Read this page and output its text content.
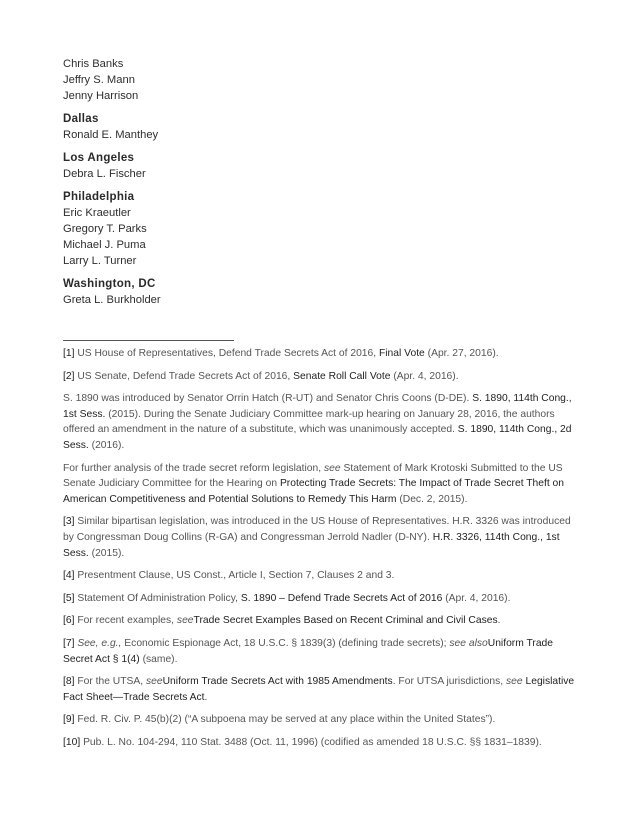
Chris Banks
Jeffry S. Mann
Jenny Harrison
Dallas
Ronald E. Manthey
Los Angeles
Debra L. Fischer
Philadelphia
Eric Kraeutler
Gregory T. Parks
Michael J. Puma
Larry L. Turner
Washington, DC
Greta L. Burkholder

[1] US House of Representatives, Defend Trade Secrets Act of 2016, Final Vote (Apr. 27, 2016).

[2] US Senate, Defend Trade Secrets Act of 2016, Senate Roll Call Vote (Apr. 4, 2016).

S. 1890 was introduced by Senator Orrin Hatch (R-UT) and Senator Chris Coons (D-DE). S. 1890, 114th Cong., 1st Sess. (2015). During the Senate Judiciary Committee mark-up hearing on January 28, 2016, the authors offered an amendment in the nature of a substitute, which was unanimously accepted. S. 1890, 114th Cong., 2d Sess. (2016).

For further analysis of the trade secret reform legislation, see Statement of Mark Krotoski Submitted to the US Senate Judiciary Committee for the Hearing on Protecting Trade Secrets: The Impact of Trade Secret Theft on American Competitiveness and Potential Solutions to Remedy This Harm (Dec. 2, 2015).

[3] Similar bipartisan legislation, was introduced in the US House of Representatives. H.R. 3326 was introduced by Congressman Doug Collins (R-GA) and Congressman Jerrold Nadler (D-NY). H.R. 3326, 114th Cong., 1st Sess. (2015).

[4] Presentment Clause, US Const., Article I, Section 7, Clauses 2 and 3.

[5] Statement Of Administration Policy, S. 1890 – Defend Trade Secrets Act of 2016 (Apr. 4, 2016).

[6] For recent examples, seeTrade Secret Examples Based on Recent Criminal and Civil Cases.

[7] See, e.g., Economic Espionage Act, 18 U.S.C. § 1839(3) (defining trade secrets); see alsoUniform Trade Secret Act § 1(4) (same).

[8] For the UTSA, seeUniform Trade Secrets Act with 1985 Amendments. For UTSA jurisdictions, see Legislative Fact Sheet—Trade Secrets Act.

[9] Fed. R. Civ. P. 45(b)(2) (“A subpoena may be served at any place within the United States”).

[10] Pub. L. No. 104-294, 110 Stat. 3488 (Oct. 11, 1996) (codified as amended 18 U.S.C. §§ 1831–1839).
